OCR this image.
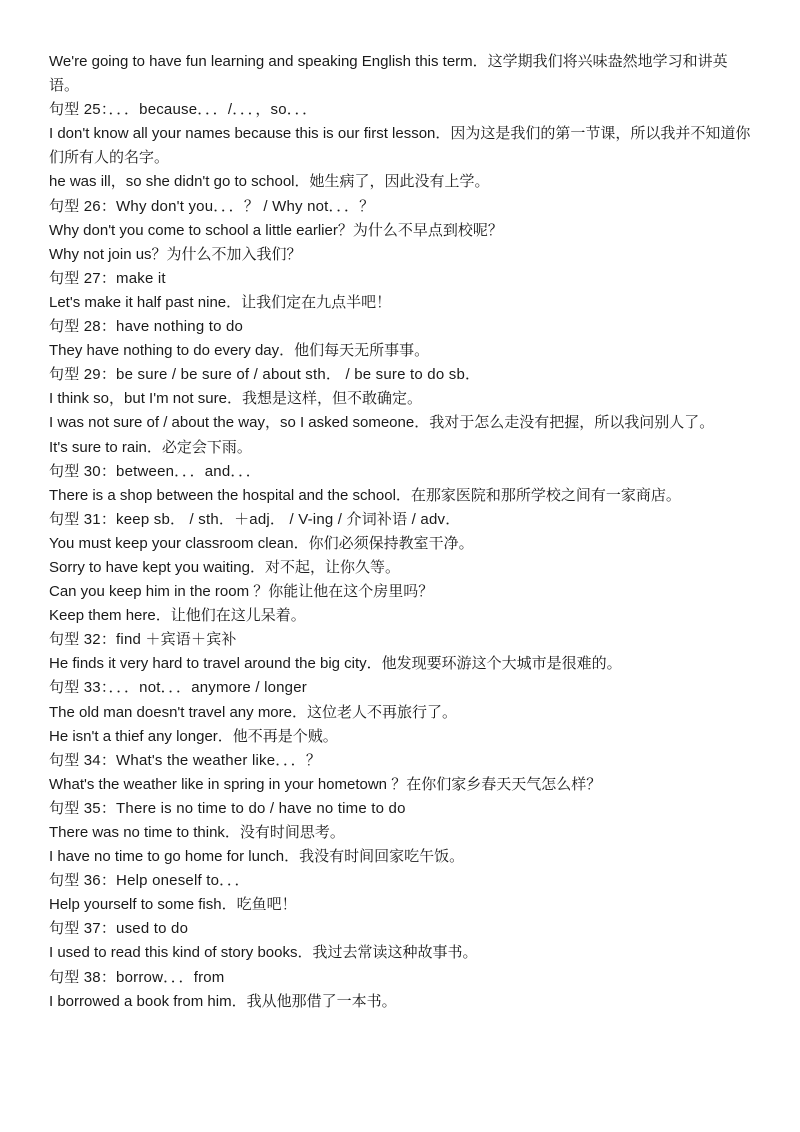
We're going to have fun learning and speaking English this term．这学期我们将兴味盎然地学习和讲英语。

句型 25：．．．because．．．/．．．，so．．．

I don't know all your names because this is our first lesson．因为这是我们的第一节课，所以我并不知道你们所有人的名字。

he was ill，so she didn't go to school．她生病了，因此没有上学。

句型 26：Why don't you．．．？ / Why not．．．？

Why don't you come to school a little earlier？为什么不早点到校呢？

Why not join us？为什么不加入我们？

句型 27：make it

Let's make it half past nine．让我们定在九点半吧！

句型 28：have nothing to do

They have nothing to do every day．他们每天无所事事。

句型 29：be sure / be sure of / about sth． / be sure to do sb．

I think so，but I'm not sure．我想是这样，但不敢确定。

I was not sure of / about the way，so I asked someone．我对于怎么走没有把握，所以我问别人了。

It's sure to rain．必定会下雨。

句型 30：between．．．and．．．

There is a shop between the hospital and the school．在那家医院和那所学校之间有一家商店。

句型 31：keep sb． / sth．＋adj． / V-ing / 介词补语 / adv．

You must keep your classroom clean．你们必须保持教室干净。

Sorry to have kept you waiting．对不起，让你久等。

Can you keep him in the room ？你能让他在这个房里吗？

Keep them here．让他们在这儿呆着。

句型 32：find ＋宾语＋宾补

He finds it very hard to travel around the big city．他发现要环游这个大城市是很难的。

句型 33：．．．not．．．anymore / longer

The old man doesn't travel any more．这位老人不再旅行了。

He isn't a thief any longer．他不再是个贼。

句型 34：What's the weather like．．．？

What's the weather like in spring in your hometown ？在你们家乡春天天气怎么样？

句型 35：There is no time to do / have no time to do

There was no time to think．没有时间思考。

I have no time to go home for lunch．我没有时间回家吃午饭。

句型 36：Help oneself to．．．

Help yourself to some fish．吃鱼吧！

句型 37：used to do

I used to read this kind of story books．我过去常读这种故事书。

句型 38：borrow．．．from

I borrowed a book from him．我从他那借了一本书。
